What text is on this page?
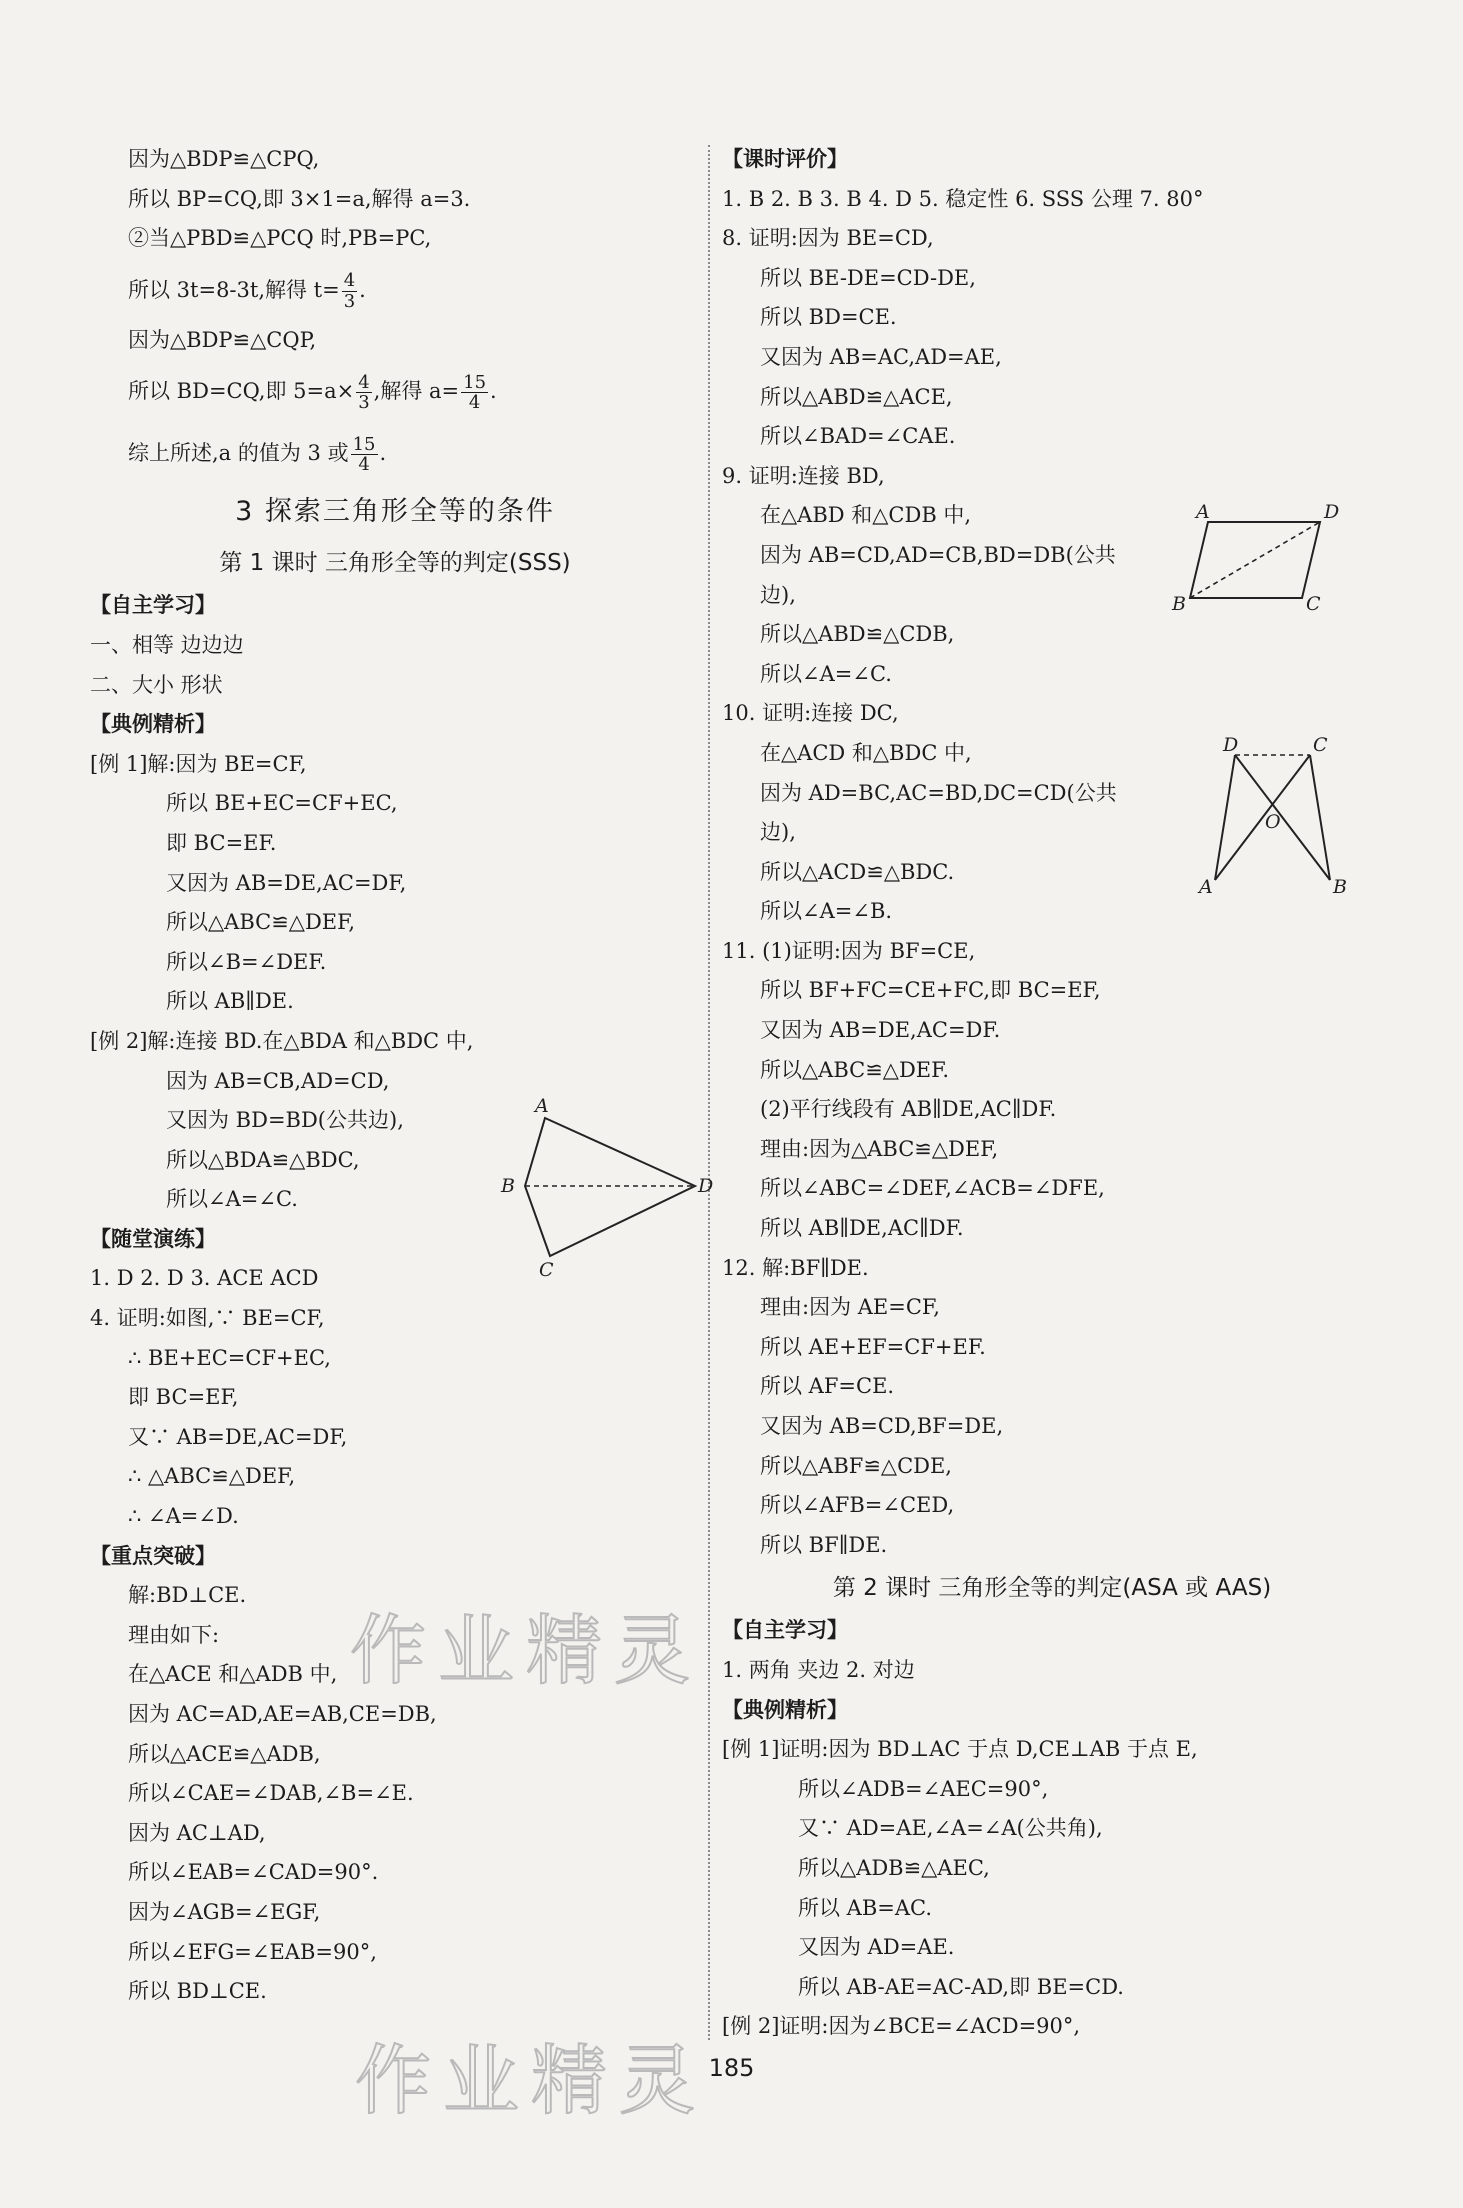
作业精灵
作业精灵
因为△BDP≌△CPQ,
所以 BP=CQ,即 3×1=a,解得 a=3.
②当△PBD≌△PCQ 时,PB=PC,
所以 3t=8-3t,解得 $t= \frac{4}{3}$ .
因为△BDP≌△CQP,
所以 BD=CQ,即 $5=a\times \frac{4}{3}$ ,解得 $a= \frac{15}{4}$ .
综上所述,a 的值为 3 或 $\frac{15}{4}$ .
3 探索三角形全等的条件
第 1 课时 三角形全等的判定(SSS)
【自主学习】
一、相等 边边边
二、大小 形状
【典例精析】
[例 1]解:因为 BE=CF,
所以 BE+EC=CF+EC,
即 BC=EF.
又因为 AB=DE,AC=DF,
所以△ABC≌△DEF,
所以∠B=∠DEF.
所以 AB∥DE.
[例 2]解:连接 BD.在△BDA 和△BDC 中,
因为 AB=CB,AD=CD,
又因为 BD=BD(公共边),
所以△BDA≌△BDC,
所以∠A=∠C.
【随堂演练】
1. D 2. D 3. ACE ACD
4. 证明:如图,∵ BE=CF,
∴ BE+EC=CF+EC,
即 BC=EF,
又∵ AB=DE,AC=DF,
∴ △ABC≌△DEF,
∴ ∠A=∠D.
【重点突破】
解:BD⊥CE.
理由如下:
在△ACE 和△ADB 中,
因为 AC=AD,AE=AB,CE=DB,
所以△ACE≌△ADB,
所以∠CAE=∠DAB,∠B=∠E.
因为 AC⊥AD,
所以∠EAB=∠CAD=90°.
因为∠AGB=∠EGF,
所以∠EFG=∠EAB=90°,
所以 BD⊥CE.
A
B
C
D
【课时评价】
1. B 2. B 3. B 4. D 5. 稳定性 6. SSS 公理 7. 80°
8. 证明:因为 BE=CD,
所以 BE-DE=CD-DE,
所以 BD=CE.
又因为 AB=AC,AD=AE,
所以△ABD≌△ACE,
所以∠BAD=∠CAE.
9. 证明:连接 BD,
在△ABD 和△CDB 中,
因为 AB=CD,AD=CB,BD=DB(公共
边),
所以△ABD≌△CDB,
所以∠A=∠C.
10. 证明:连接 DC,
在△ACD 和△BDC 中,
因为 AD=BC,AC=BD,DC=CD(公共
边),
所以△ACD≌△BDC.
所以∠A=∠B.
11. (1)证明:因为 BF=CE,
所以 BF+FC=CE+FC,即 BC=EF,
又因为 AB=DE,AC=DF.
所以△ABC≌△DEF.
(2)平行线段有 AB∥DE,AC∥DF.
理由:因为△ABC≌△DEF,
所以∠ABC=∠DEF,∠ACB=∠DFE,
所以 AB∥DE,AC∥DF.
12. 解:BF∥DE.
理由:因为 AE=CF,
所以 AE+EF=CF+EF.
所以 AF=CE.
又因为 AB=CD,BF=DE,
所以△ABF≌△CDE,
所以∠AFB=∠CED,
所以 BF∥DE.
第 2 课时 三角形全等的判定(ASA 或 AAS)
【自主学习】
1. 两角 夹边 2. 对边
【典例精析】
[例 1]证明:因为 BD⊥AC 于点 D,CE⊥AB 于点 E,
所以∠ADB=∠AEC=90°,
又∵ AD=AE,∠A=∠A(公共角),
所以△ADB≌△AEC,
所以 AB=AC.
又因为 AD=AE.
所以 AB-AE=AC-AD,即 BE=CD.
[例 2]证明:因为∠BCE=∠ACD=90°,
A	D
B	C
D	C
O
A	B
185
